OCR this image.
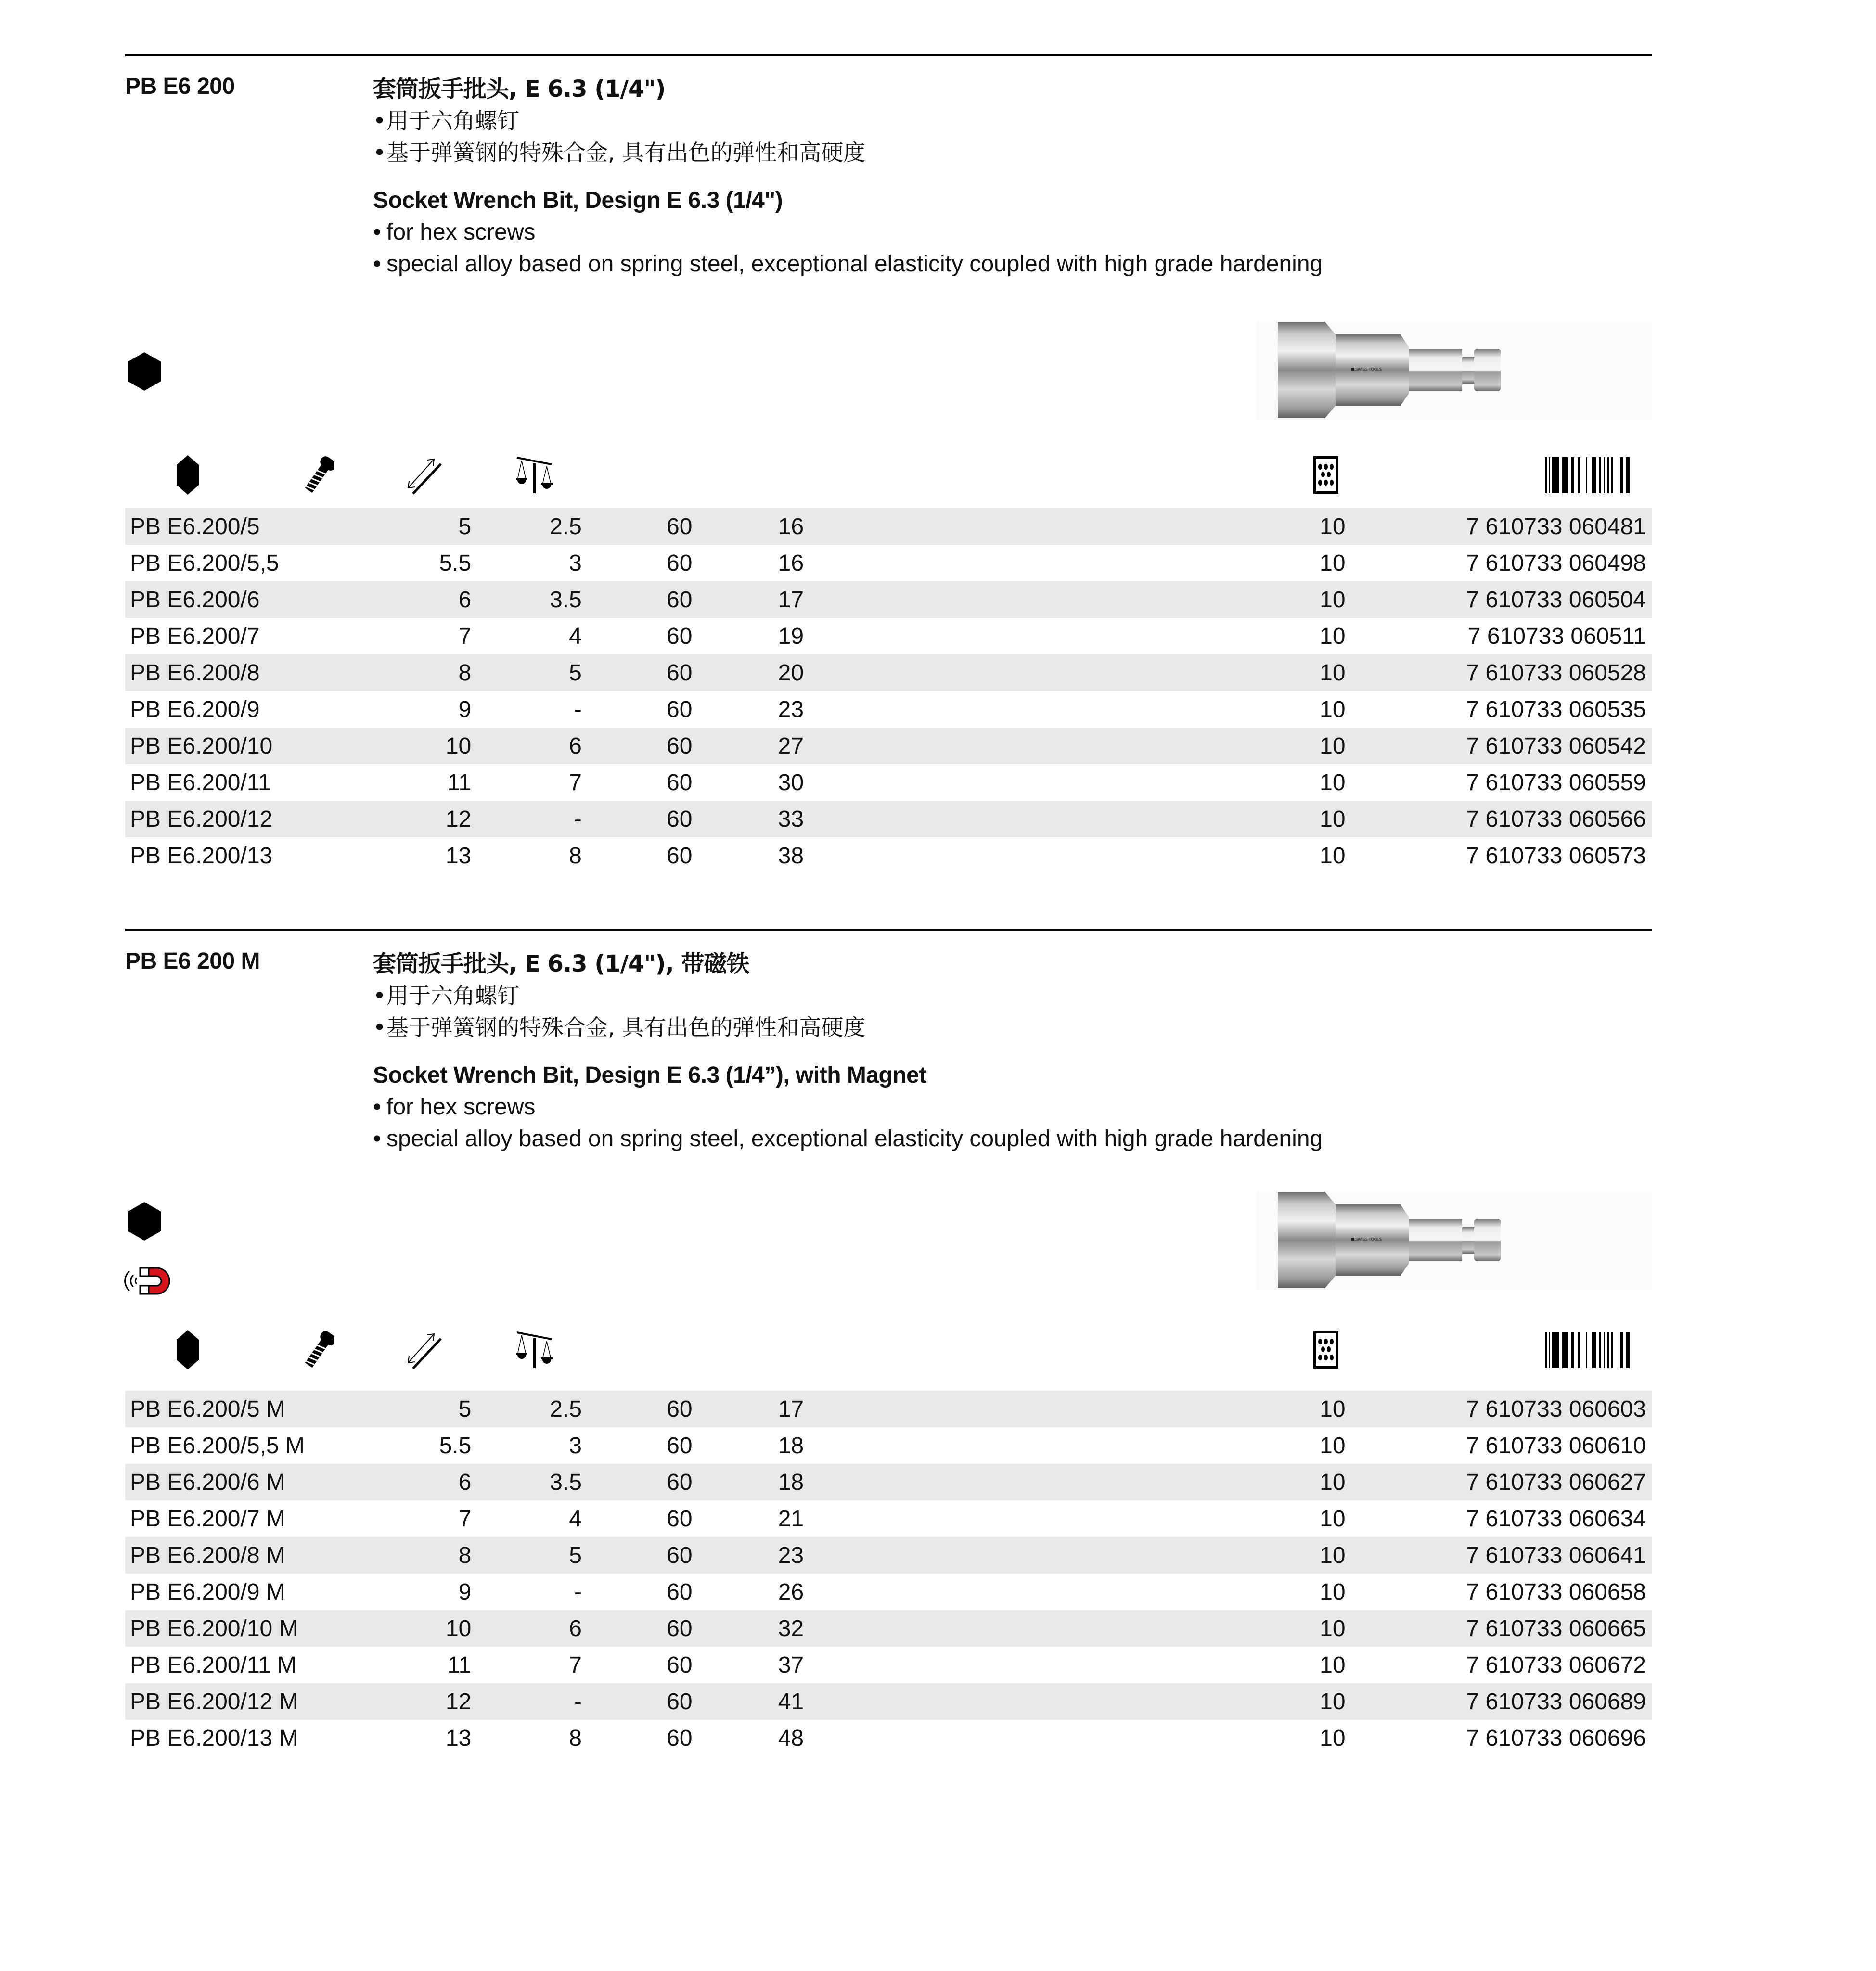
PB E6 200	套筒扳手批头, E 6.3 (1/4")
•用于六角螺钉
•基于弹簧钢的特殊合金, 具有出色的弹性和高硬度
Socket Wrench Bit, Design E 6.3 (1/4")
• for hex screws
• special alloy based on spring steel, exceptional elasticity coupled with high grade hardening
SWISS TOOLS
PB E6.200/5	5	2.5	60	16		10	7 610733 060481
PB E6.200/5,5	5.5	3	60	16		10	7 610733 060498
PB E6.200/6	6	3.5	60	17		10	7 610733 060504
PB E6.200/7	7	4	60	19		10	7 610733 060511
PB E6.200/8	8	5	60	20		10	7 610733 060528
PB E6.200/9	9	-	60	23		10	7 610733 060535
PB E6.200/10	10	6	60	27		10	7 610733 060542
PB E6.200/11	11	7	60	30		10	7 610733 060559
PB E6.200/12	12	-	60	33		10	7 610733 060566
PB E6.200/13	13	8	60	38		10	7 610733 060573
PB E6 200 M	套筒扳手批头, E 6.3 (1/4"), 带磁铁
•用于六角螺钉
•基于弹簧钢的特殊合金, 具有出色的弹性和高硬度
Socket Wrench Bit, Design E 6.3 (1/4”), with Magnet
• for hex screws
• special alloy based on spring steel, exceptional elasticity coupled with high grade hardening
SWISS TOOLS
PB E6.200/5 M	5	2.5	60	17		10	7 610733 060603
PB E6.200/5,5 M	5.5	3	60	18		10	7 610733 060610
PB E6.200/6 M	6	3.5	60	18		10	7 610733 060627
PB E6.200/7 M	7	4	60	21		10	7 610733 060634
PB E6.200/8 M	8	5	60	23		10	7 610733 060641
PB E6.200/9 M	9	-	60	26		10	7 610733 060658
PB E6.200/10 M	10	6	60	32		10	7 610733 060665
PB E6.200/11 M	11	7	60	37		10	7 610733 060672
PB E6.200/12 M	12	-	60	41		10	7 610733 060689
PB E6.200/13 M	13	8	60	48		10	7 610733 060696
